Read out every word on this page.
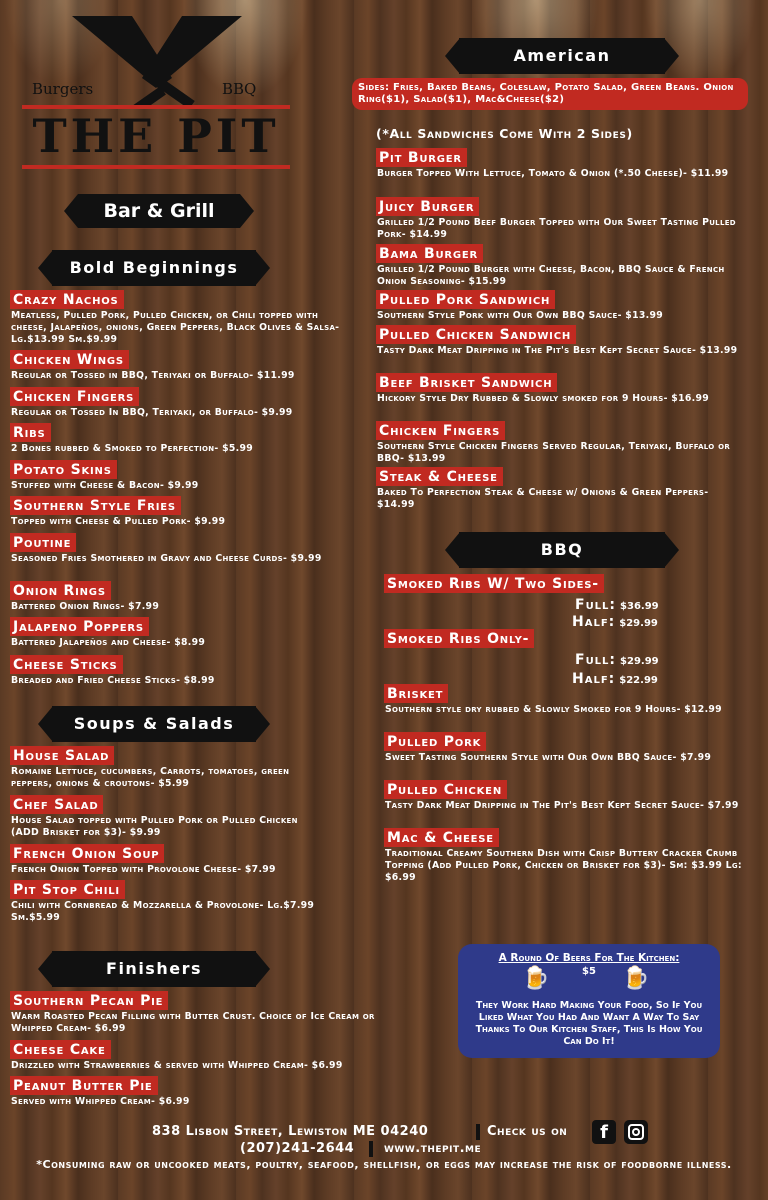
Burgers	BBQ
THE PIT
Bar & Grill
Bold Beginnings
Crazy Nachos
Meatless, Pulled Pork, Pulled Chicken, or Chili topped with cheese, Jalapeños, onions, Green Peppers, Black Olives & Salsa- Lg.$13.99 Sm.$9.99
Chicken Wings
Regular or Tossed in BBQ, Teriyaki or Buffalo- $11.99
Chicken Fingers
Regular or Tossed In BBQ, Teriyaki, or Buffalo- $9.99
Ribs
2 Bones rubbed & Smoked to Perfection- $5.99
Potato Skins
Stuffed with Cheese & Bacon- $9.99
Southern Style Fries
Topped with Cheese & Pulled Pork- $9.99
Poutine
Seasoned Fries Smothered in Gravy and Cheese Curds- $9.99
Onion Rings
Battered Onion Rings- $7.99
Jalapeno Poppers
Battered Jalapeños and Cheese- $8.99
Cheese Sticks
Breaded and Fried Cheese Sticks- $8.99
Soups & Salads
House Salad
Romaine Lettuce, cucumbers, Carrots, tomatoes, green peppers, onions & croutons- $5.99
Chef Salad
House Salad topped with Pulled Pork or Pulled Chicken (ADD Brisket for $3)- $9.99
French Onion Soup
French Onion Topped with Provolone Cheese- $7.99
Pit Stop Chili
Chili with Cornbread & Mozzarella & Provolone- Lg.$7.99 Sm.$5.99
Finishers
Southern Pecan Pie
Warm Roasted Pecan Filling with Butter Crust. Choice of Ice Cream or Whipped Cream- $6.99
Cheese Cake
Drizzled with Strawberries & served with Whipped Cream- $6.99
Peanut Butter Pie
Served with Whipped Cream- $6.99
American
Sides: Fries, Baked Beans, Coleslaw, Potato Salad, Green Beans. Onion Ring($1), Salad($1), Mac&Cheese($2)
(*All Sandwiches Come With 2 Sides)
Pit Burger
Burger Topped With Lettuce, Tomato & Onion (*.50 Cheese)- $11.99
Juicy Burger
Grilled 1/2 Pound Beef Burger Topped with Our Sweet Tasting Pulled Pork- $14.99
Bama Burger
Grilled 1/2 Pound Burger with Cheese, Bacon, BBQ Sauce & French Onion Seasoning- $15.99
Pulled Pork Sandwich
Southern Style Pork with Our Own BBQ Sauce- $13.99
Pulled Chicken Sandwich
Tasty Dark Meat Dripping in The Pit's Best Kept Secret Sauce- $13.99
Beef Brisket Sandwich
Hickory Style Dry Rubbed & Slowly smoked for 9 Hours- $16.99
Chicken Fingers
Southern Style Chicken Fingers Served Regular, Teriyaki, Buffalo or BBQ- $13.99
Steak & Cheese
Baked To Perfection Steak & Cheese w/ Onions & Green Peppers- $14.99
BBQ
Smoked Ribs W/ Two Sides-
Full: $36.99
Half: $29.99
Smoked Ribs Only-
Full: $29.99
Half: $22.99
Brisket
Southern style dry rubbed & Slowly Smoked for 9 Hours- $12.99
Pulled Pork
Sweet Tasting Southern Style with Our Own BBQ Sauce- $7.99
Pulled Chicken
Tasty Dark Meat Dripping in The Pit's Best Kept Secret Sauce- $7.99
Mac & Cheese
Traditional Creamy Southern Dish with Crisp Buttery Cracker Crumb Topping (Add Pulled Pork, Chicken or Brisket for $3)- Sm: $3.99 Lg: $6.99
A Round Of Beers For The Kitchen:
🍺	$5	🍺
They Work Hard Making Your Food, So If You Liked What You Had And Want A Way To Say Thanks To Our Kitchen Staff, This Is How You Can Do It!
838 Lisbon Street, Lewiston ME 04240	Check us on	f
(207)241-2644 www.thepit.me
*Consuming raw or uncooked meats, poultry, seafood, shellfish, or eggs may increase the risk of foodborne illness.
